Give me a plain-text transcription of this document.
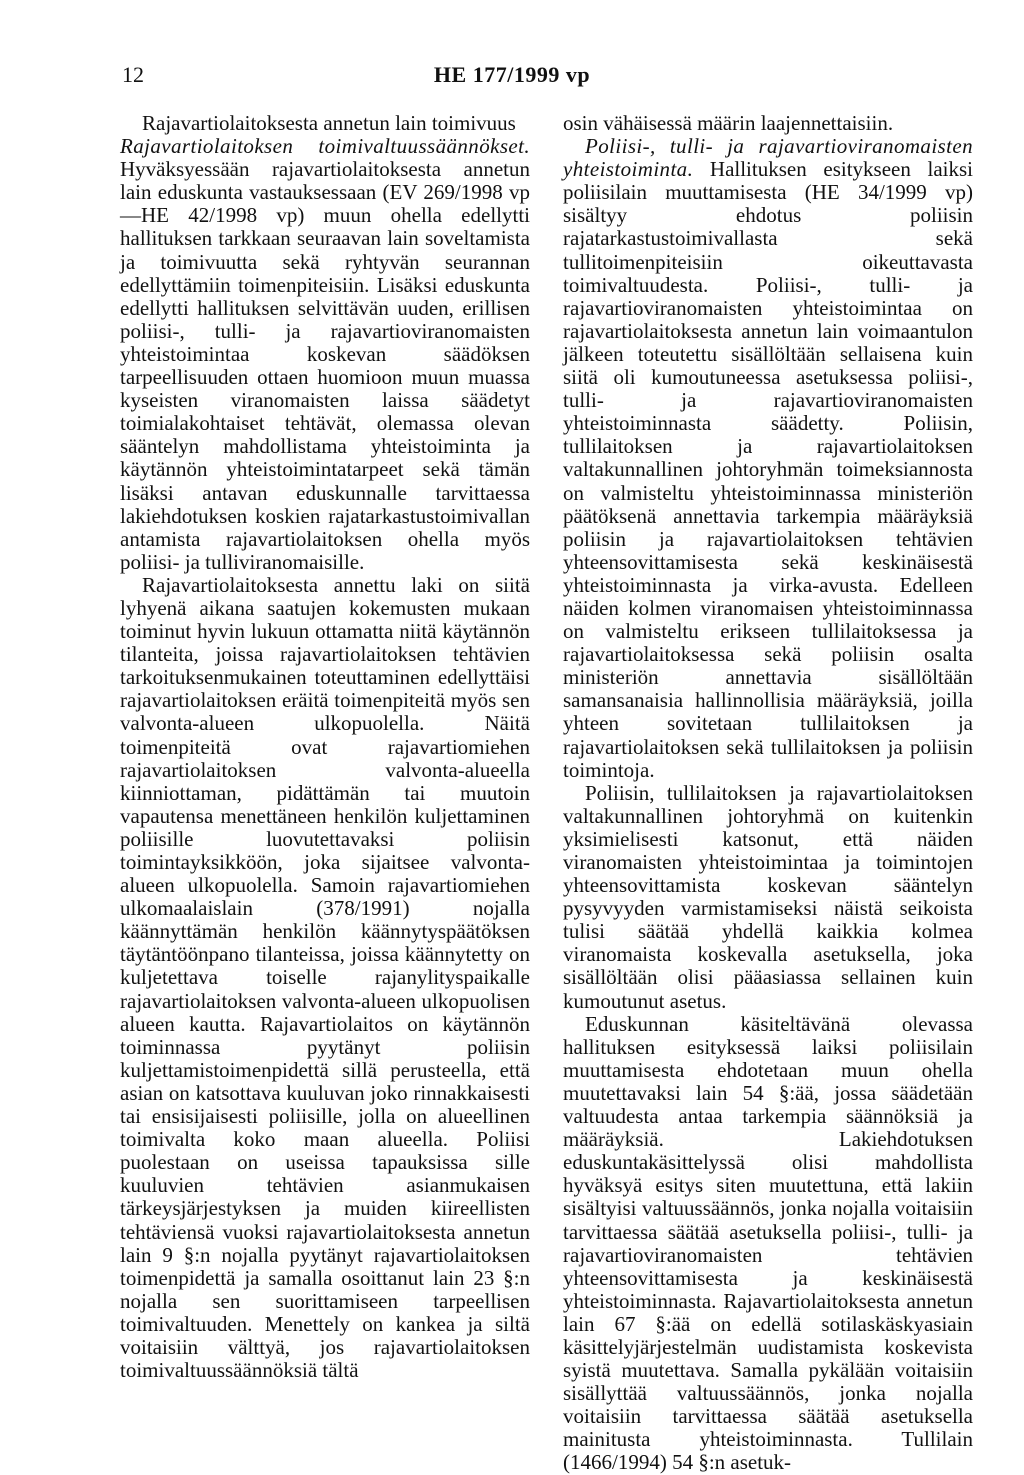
12	HE 177/1999 vp

Rajavartiolaitoksesta annetun lain toimivuus

Rajavartiolaitoksen toimivaltuussäännökset. Hyväksyessään rajavartiolaitoksesta annetun lain eduskunta vastauksessaan (EV 269/1998 vp—HE 42/1998 vp) muun ohella edellytti hallituksen tarkkaan seuraavan lain soveltamista ja toimivuutta sekä ryhtyvän seurannan edellyttämiin toimenpiteisiin. Lisäksi eduskunta edellytti hallituksen selvittävän uuden, erillisen poliisi-, tulli- ja rajavartioviranomaisten yhteistoimintaa koskevan säädöksen tarpeellisuuden ottaen huomioon muun muassa kyseisten viranomaisten laissa säädetyt toimialakohtaiset tehtävät, olemassa olevan sääntelyn mahdollistama yhteistoiminta ja käytännön yhteistoimintatarpeet sekä tämän lisäksi antavan eduskunnalle tarvittaessa lakiehdotuksen koskien rajatarkastustoimivallan antamista rajavartiolaitoksen ohella myös poliisi- ja tulliviranomaisille.

Rajavartiolaitoksesta annettu laki on siitä lyhyenä aikana saatujen kokemusten mukaan toiminut hyvin lukuun ottamatta niitä käytännön tilanteita, joissa rajavartiolaitoksen tehtävien tarkoituksenmukainen toteuttaminen edellyttäisi rajavartiolaitoksen eräitä toimenpiteitä myös sen valvonta-alueen ulkopuolella. Näitä toimenpiteitä ovat rajavartiomiehen rajavartiolaitoksen valvonta-alueella kiinniottaman, pidättämän tai muutoin vapautensa menettäneen henkilön kuljettaminen poliisille luovutettavaksi poliisin toimintayksikköön, joka sijaitsee valvonta-alueen ulkopuolella. Samoin rajavartiomiehen ulkomaalaislain (378/1991) nojalla käännyttämän henkilön käännytyspäätöksen täytäntöönpano tilanteissa, joissa käännytetty on kuljetettava toiselle rajanylityspaikalle rajavartiolaitoksen valvonta-alueen ulkopuolisen alueen kautta. Rajavartiolaitos on käytännön toiminnassa pyytänyt poliisin kuljettamistoimenpidettä sillä perusteella, että asian on katsottava kuuluvan joko rinnakkaisesti tai ensisijaisesti poliisille, jolla on alueellinen toimivalta koko maan alueella. Poliisi puolestaan on useissa tapauksissa sille kuuluvien tehtävien asianmukaisen tärkeysjärjestyksen ja muiden kiireellisten tehtäviensä vuoksi rajavartiolaitoksesta annetun lain 9 §:n nojalla pyytänyt rajavartiolaitoksen toimenpidettä ja samalla osoittanut lain 23 §:n nojalla sen suorittamiseen tarpeellisen toimivaltuuden. Menettely on kankea ja siltä voitaisiin välttyä, jos rajavartiolaitoksen toimivaltuussäännöksiä tältä

osin vähäisessä määrin laajennettaisiin.

Poliisi-, tulli- ja rajavartioviranomaisten yhteistoiminta. Hallituksen esitykseen laiksi poliisilain muuttamisesta (HE 34/1999 vp) sisältyy ehdotus poliisin rajatarkastustoimivallasta sekä tullitoimenpiteisiin oikeuttavasta toimivaltuudesta. Poliisi-, tulli- ja rajavartioviranomaisten yhteistoimintaa on rajavartiolaitoksesta annetun lain voimaantulon jälkeen toteutettu sisällöltään sellaisena kuin siitä oli kumoutuneessa asetuksessa poliisi-, tulli- ja rajavartioviranomaisten yhteistoiminnasta säädetty. Poliisin, tullilaitoksen ja rajavartiolaitoksen valtakunnallinen johtoryhmän toimeksiannosta on valmisteltu yhteistoiminnassa ministeriön päätöksenä annettavia tarkempia määräyksiä poliisin ja rajavartiolaitoksen tehtävien yhteensovittamisesta sekä keskinäisestä yhteistoiminnasta ja virka-avusta. Edelleen näiden kolmen viranomaisen yhteistoiminnassa on valmisteltu erikseen tullilaitoksessa ja rajavartiolaitoksessa sekä poliisin osalta ministeriön annettavia sisällöltään samansanaisia hallinnollisia määräyksiä, joilla yhteen sovitetaan tullilaitoksen ja rajavartiolaitoksen sekä tullilaitoksen ja poliisin toimintoja.

Poliisin, tullilaitoksen ja rajavartiolaitoksen valtakunnallinen johtoryhmä on kuitenkin yksimielisesti katsonut, että näiden viranomaisten yhteistoimintaa ja toimintojen yhteensovittamista koskevan sääntelyn pysyvyyden varmistamiseksi näistä seikoista tulisi säätää yhdellä kaikkia kolmea viranomaista koskevalla asetuksella, joka sisällöltään olisi pääasiassa sellainen kuin kumoutunut asetus.

Eduskunnan käsiteltävänä olevassa hallituksen esityksessä laiksi poliisilain muuttamisesta ehdotetaan muun ohella muutettavaksi lain 54 §:ää, jossa säädetään valtuudesta antaa tarkempia säännöksiä ja määräyksiä. Lakiehdotuksen eduskuntakäsittelyssä olisi mahdollista hyväksyä esitys siten muutettuna, että lakiin sisältyisi valtuussäännös, jonka nojalla voitaisiin tarvittaessa säätää asetuksella poliisi-, tulli- ja rajavartioviranomaisten tehtävien yhteensovittamisesta ja keskinäisestä yhteistoiminnasta. Rajavartiolaitoksesta annetun lain 67 §:ää on edellä sotilaskäskyasiain käsittelyjärjestelmän uudistamista koskevista syistä muutettava. Samalla pykälään voitaisiin sisällyttää valtuussäännös, jonka nojalla voitaisiin tarvittaessa säätää asetuksella mainitusta yhteistoiminnasta. Tullilain (1466/1994) 54 §:n asetuk-
